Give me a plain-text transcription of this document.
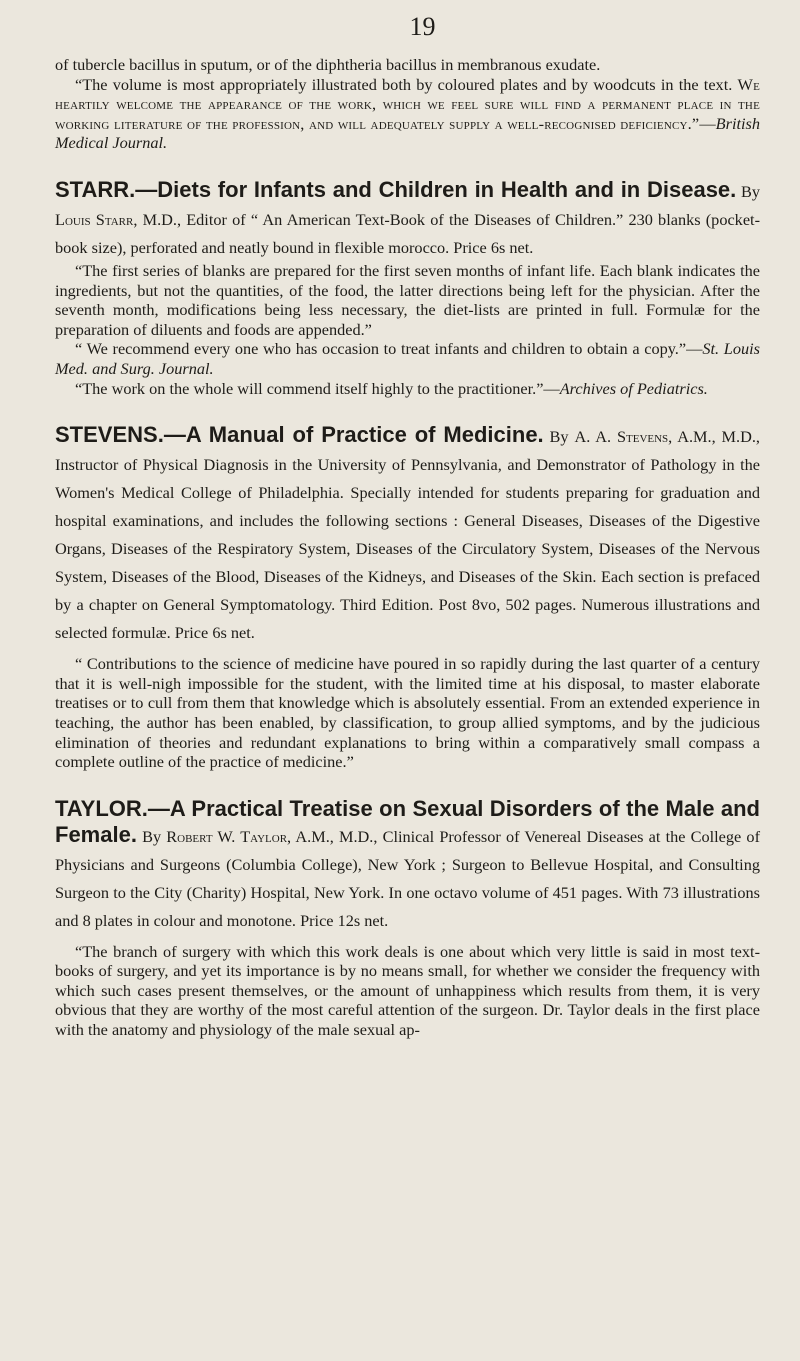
19

of tubercle bacillus in sputum, or of the diphtheria bacillus in membranous exudate.

“The volume is most appropriately illustrated both by coloured plates and by woodcuts in the text. We heartily welcome the appearance of the work, which we feel sure will find a permanent place in the working literature of the profession, and will adequately supply a well-recognised deficiency.”—British Medical Journal.

STARR.—Diets for Infants and Children in Health and in Disease. By Louis Starr, M.D., Editor of “ An American Text-Book of the Diseases of Children.” 230 blanks (pocket-book size), perforated and neatly bound in flexible morocco. Price 6s net.

“The first series of blanks are prepared for the first seven months of infant life. Each blank indicates the ingredients, but not the quantities, of the food, the latter directions being left for the physician. After the seventh month, modifications being less necessary, the diet-lists are printed in full. Formulæ for the preparation of diluents and foods are appended.”

“ We recommend every one who has occasion to treat infants and children to obtain a copy.”—St. Louis Med. and Surg. Journal.

“The work on the whole will commend itself highly to the practitioner.”—Archives of Pediatrics.

STEVENS.—A Manual of Practice of Medicine. By A. A. Stevens, A.M., M.D., Instructor of Physical Diagnosis in the University of Pennsylvania, and Demonstrator of Pathology in the Women's Medical College of Philadelphia. Specially intended for students preparing for graduation and hospital examinations, and includes the following sections : General Diseases, Diseases of the Digestive Organs, Diseases of the Respiratory System, Diseases of the Circulatory System, Diseases of the Nervous System, Diseases of the Blood, Diseases of the Kidneys, and Diseases of the Skin. Each section is prefaced by a chapter on General Symptomatology. Third Edition. Post 8vo, 502 pages. Numerous illustrations and selected formulæ. Price 6s net.

“ Contributions to the science of medicine have poured in so rapidly during the last quarter of a century that it is well-nigh impossible for the student, with the limited time at his disposal, to master elaborate treatises or to cull from them that knowledge which is absolutely essential. From an extended experience in teaching, the author has been enabled, by classification, to group allied symptoms, and by the judicious elimination of theories and redundant explanations to bring within a comparatively small compass a complete outline of the practice of medicine.”

TAYLOR.—A Practical Treatise on Sexual Disorders of the Male and Female. By Robert W. Taylor, A.M., M.D., Clinical Professor of Venereal Diseases at the College of Physicians and Surgeons (Columbia College), New York ; Surgeon to Bellevue Hospital, and Consulting Surgeon to the City (Charity) Hospital, New York. In one octavo volume of 451 pages. With 73 illustrations and 8 plates in colour and monotone. Price 12s net.

“The branch of surgery with which this work deals is one about which very little is said in most text-books of surgery, and yet its importance is by no means small, for whether we consider the frequency with which such cases present themselves, or the amount of unhappiness which results from them, it is very obvious that they are worthy of the most careful attention of the surgeon. Dr. Taylor deals in the first place with the anatomy and physiology of the male sexual ap-
